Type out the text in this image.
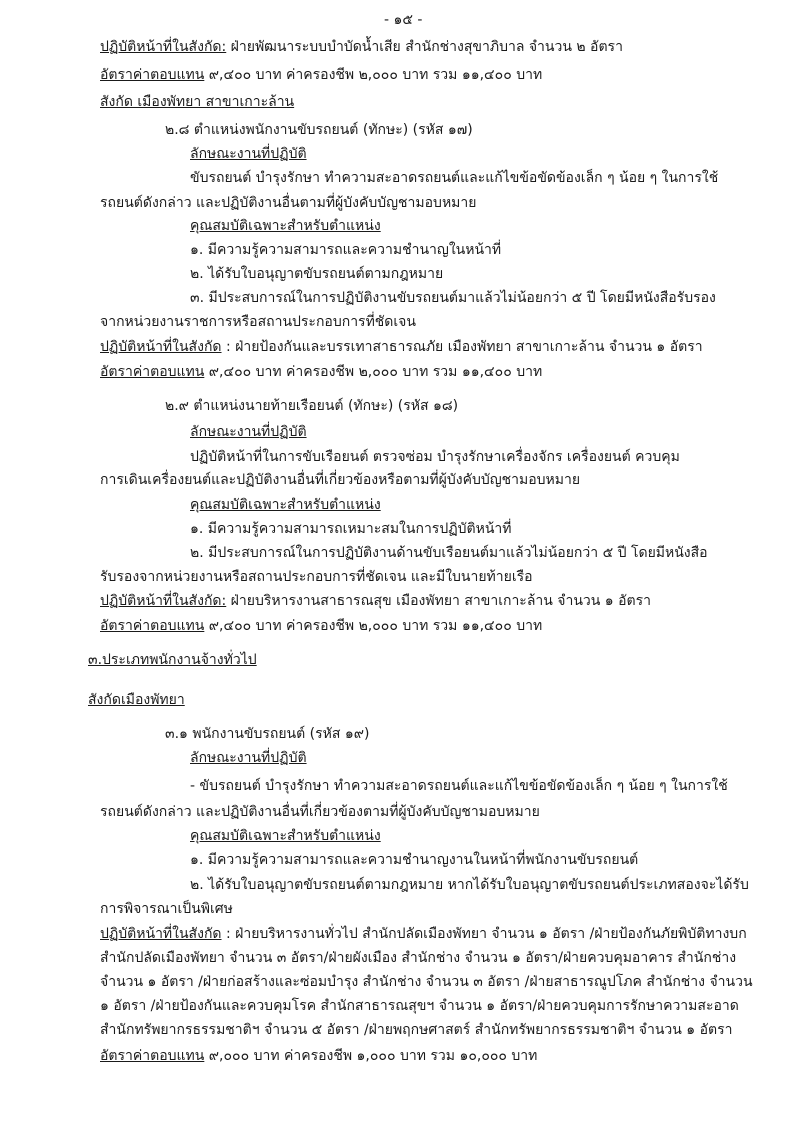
- ๑๕ -
ปฏิบัติหน้าที่ในสังกัด: ฝ่ายพัฒนาระบบบำบัดน้ำเสีย สำนักช่างสุขาภิบาล จำนวน ๒ อัตรา
อัตราค่าตอบแทน ๙,๔๐๐ บาท ค่าครองชีพ ๒,๐๐๐ บาท รวม ๑๑,๔๐๐ บาท
สังกัด เมืองพัทยา สาขาเกาะล้าน
๒.๘ ตำแหน่งพนักงานขับรถยนต์ (ทักษะ) (รหัส ๑๗)
ลักษณะงานที่ปฏิบัติ
ขับรถยนต์ บำรุงรักษา ทำความสะอาดรถยนต์และแก้ไขข้อขัดข้องเล็ก ๆ น้อย ๆ ในการใช้
รถยนต์ดังกล่าว และปฏิบัติงานอื่นตามที่ผู้บังคับบัญชามอบหมาย
คุณสมบัติเฉพาะสำหรับตำแหน่ง
๑. มีความรู้ความสามารถและความชำนาญในหน้าที่
๒. ได้รับใบอนุญาตขับรถยนต์ตามกฎหมาย
๓. มีประสบการณ์ในการปฏิบัติงานขับรถยนต์มาแล้วไม่น้อยกว่า ๕ ปี โดยมีหนังสือรับรอง
จากหน่วยงานราชการหรือสถานประกอบการที่ชัดเจน
ปฏิบัติหน้าที่ในสังกัด : ฝ่ายป้องกันและบรรเทาสาธารณภัย เมืองพัทยา สาขาเกาะล้าน จำนวน ๑ อัตรา
อัตราค่าตอบแทน ๙,๔๐๐ บาท ค่าครองชีพ ๒,๐๐๐ บาท รวม ๑๑,๔๐๐ บาท
๒.๙ ตำแหน่งนายท้ายเรือยนต์ (ทักษะ) (รหัส ๑๘)
ลักษณะงานที่ปฏิบัติ
ปฏิบัติหน้าที่ในการขับเรือยนต์ ตรวจซ่อม บำรุงรักษาเครื่องจักร เครื่องยนต์ ควบคุม
การเดินเครื่องยนต์และปฏิบัติงานอื่นที่เกี่ยวข้องหรือตามที่ผู้บังคับบัญชามอบหมาย
คุณสมบัติเฉพาะสำหรับตำแหน่ง
๑. มีความรู้ความสามารถเหมาะสมในการปฏิบัติหน้าที่
๒. มีประสบการณ์ในการปฏิบัติงานด้านขับเรือยนต์มาแล้วไม่น้อยกว่า ๕ ปี โดยมีหนังสือ
รับรองจากหน่วยงานหรือสถานประกอบการที่ชัดเจน และมีใบนายท้ายเรือ
ปฏิบัติหน้าที่ในสังกัด: ฝ่ายบริหารงานสาธารณสุข เมืองพัทยา สาขาเกาะล้าน จำนวน ๑ อัตรา
อัตราค่าตอบแทน ๙,๔๐๐ บาท ค่าครองชีพ ๒,๐๐๐ บาท รวม ๑๑,๔๐๐ บาท
๓.ประเภทพนักงานจ้างทั่วไป
สังกัดเมืองพัทยา
๓.๑ พนักงานขับรถยนต์ (รหัส ๑๙)
ลักษณะงานที่ปฏิบัติ
- ขับรถยนต์ บำรุงรักษา ทำความสะอาดรถยนต์และแก้ไขข้อขัดข้องเล็ก ๆ น้อย ๆ ในการใช้
รถยนต์ดังกล่าว และปฏิบัติงานอื่นที่เกี่ยวข้องตามที่ผู้บังคับบัญชามอบหมาย
คุณสมบัติเฉพาะสำหรับตำแหน่ง
๑. มีความรู้ความสามารถและความชำนาญงานในหน้าที่พนักงานขับรถยนต์
๒. ได้รับใบอนุญาตขับรถยนต์ตามกฎหมาย หากได้รับใบอนุญาตขับรถยนต์ประเภทสองจะได้รับ
การพิจารณาเป็นพิเศษ
ปฏิบัติหน้าที่ในสังกัด : ฝ่ายบริหารงานทั่วไป สำนักปลัดเมืองพัทยา จำนวน ๑ อัตรา /ฝ่ายป้องกันภัยพิบัติทางบก
สำนักปลัดเมืองพัทยา จำนวน ๓ อัตรา/ฝ่ายผังเมือง สำนักช่าง จำนวน ๑ อัตรา/ฝ่ายควบคุมอาคาร สำนักช่าง
จำนวน ๑ อัตรา /ฝ่ายก่อสร้างและซ่อมบำรุง สำนักช่าง จำนวน ๓ อัตรา /ฝ่ายสาธารณูปโภค สำนักช่าง จำนวน
๑ อัตรา /ฝ่ายป้องกันและควบคุมโรค สำนักสาธารณสุขฯ จำนวน ๑ อัตรา/ฝ่ายควบคุมการรักษาความสะอาด
สำนักทรัพยากรธรรมชาติฯ จำนวน ๕ อัตรา /ฝ่ายพฤกษศาสตร์ สำนักทรัพยากรธรรมชาติฯ จำนวน ๑ อัตรา
อัตราค่าตอบแทน ๙,๐๐๐ บาท ค่าครองชีพ ๑,๐๐๐ บาท รวม ๑๐,๐๐๐ บาท
